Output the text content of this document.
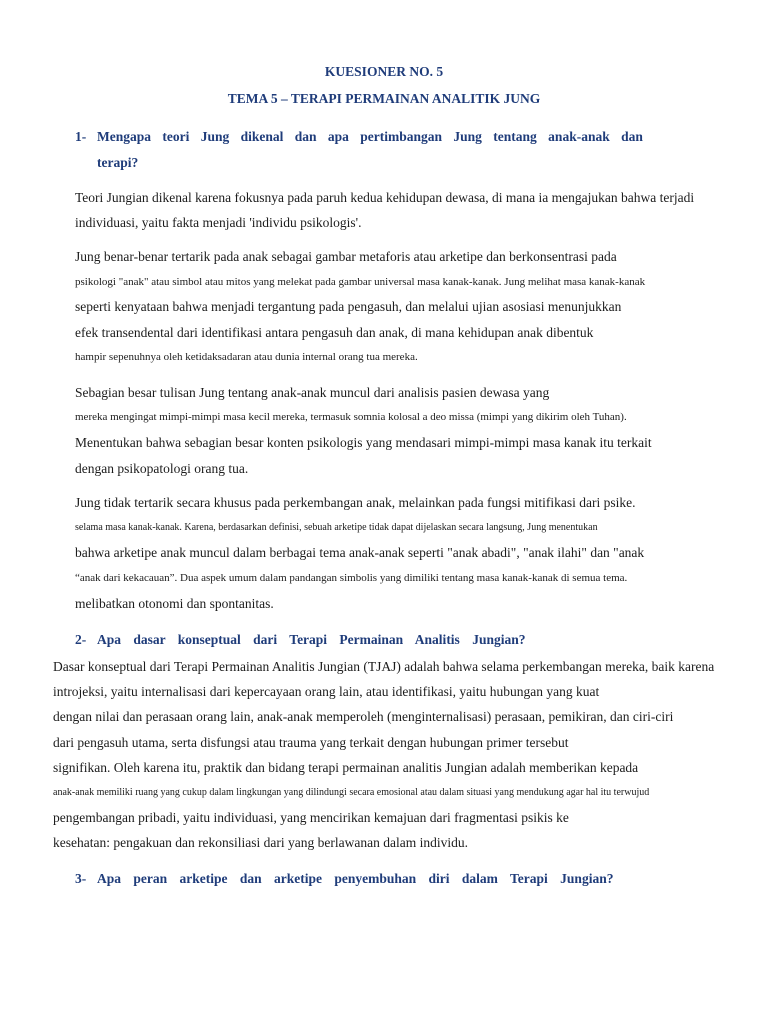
KUESIONER NO. 5
TEMA 5 – TERAPI PERMAINAN ANALITIK JUNG
1- Mengapa teori Jung dikenal dan apa pertimbangan Jung tentang anak-anak dan
terapi?
Teori Jungian dikenal karena fokusnya pada paruh kedua kehidupan dewasa, di mana ia mengajukan bahwa terjadi
individuasi, yaitu fakta menjadi 'individu psikologis'.
Jung benar-benar tertarik pada anak sebagai gambar metaforis atau arketipe dan berkonsentrasi pada
psikologi "anak" atau simbol atau mitos yang melekat pada gambar universal masa kanak-kanak. Jung melihat masa kanak-kanak
seperti kenyataan bahwa menjadi tergantung pada pengasuh, dan melalui ujian asosiasi menunjukkan
efek transendental dari identifikasi antara pengasuh dan anak, di mana kehidupan anak dibentuk
hampir sepenuhnya oleh ketidaksadaran atau dunia internal orang tua mereka.
Sebagian besar tulisan Jung tentang anak-anak muncul dari analisis pasien dewasa yang
mereka mengingat mimpi-mimpi masa kecil mereka, termasuk somnia kolosal a deo missa (mimpi yang dikirim oleh Tuhan).
Menentukan bahwa sebagian besar konten psikologis yang mendasari mimpi-mimpi masa kanak itu terkait
dengan psikopatologi orang tua.
Jung tidak tertarik secara khusus pada perkembangan anak, melainkan pada fungsi mitifikasi dari psike.
selama masa kanak-kanak. Karena, berdasarkan definisi, sebuah arketipe tidak dapat dijelaskan secara langsung, Jung menentukan
bahwa arketipe anak muncul dalam berbagai tema anak-anak seperti "anak abadi", "anak ilahi" dan "anak
“anak dari kekacauan”. Dua aspek umum dalam pandangan simbolis yang dimiliki tentang masa kanak-kanak di semua tema.
melibatkan otonomi dan spontanitas.
2- Apa dasar konseptual dari Terapi Permainan Analitis Jungian?
Dasar konseptual dari Terapi Permainan Analitis Jungian (TJAJ) adalah bahwa selama perkembangan mereka, baik karena
introjeksi, yaitu internalisasi dari kepercayaan orang lain, atau identifikasi, yaitu hubungan yang kuat
dengan nilai dan perasaan orang lain, anak-anak memperoleh (menginternalisasi) perasaan, pemikiran, dan ciri-ciri
dari pengasuh utama, serta disfungsi atau trauma yang terkait dengan hubungan primer tersebut
signifikan. Oleh karena itu, praktik dan bidang terapi permainan analitis Jungian adalah memberikan kepada
anak-anak memiliki ruang yang cukup dalam lingkungan yang dilindungi secara emosional atau dalam situasi yang mendukung agar hal itu terwujud
pengembangan pribadi, yaitu individuasi, yang mencirikan kemajuan dari fragmentasi psikis ke
kesehatan: pengakuan dan rekonsiliasi dari yang berlawanan dalam individu.
3- Apa peran arketipe dan arketipe penyembuhan diri dalam Terapi Jungian?
